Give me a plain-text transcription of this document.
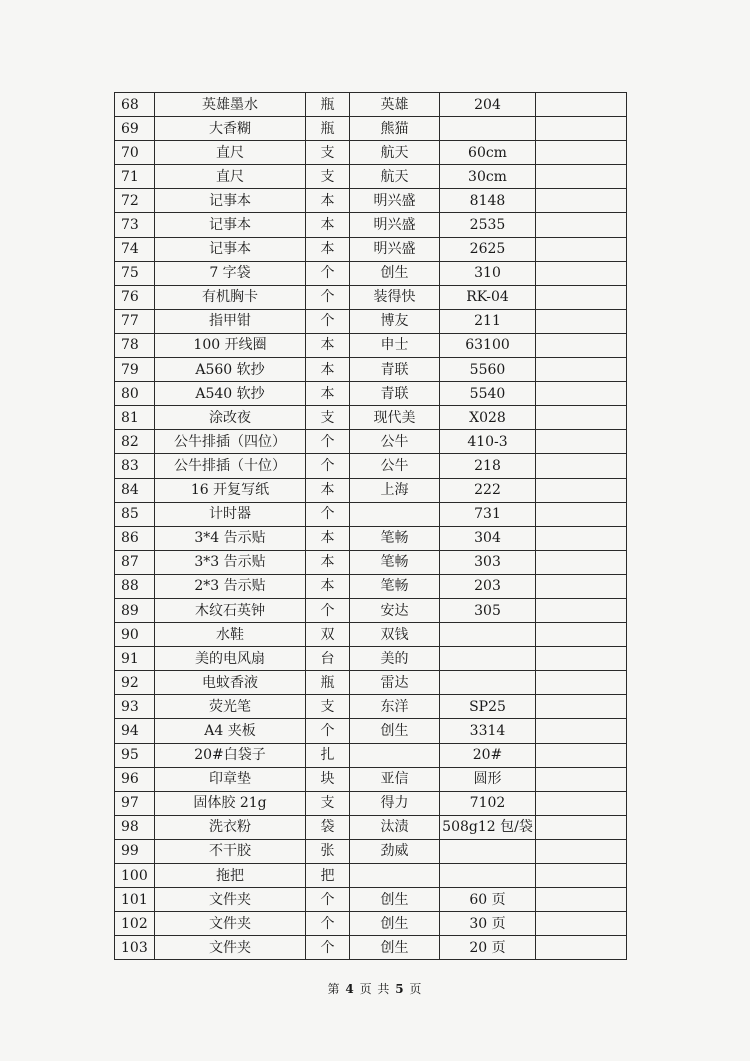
68	英雄墨水	瓶	英雄	204	
69	大香糊	瓶	熊猫		
70	直尺	支	航天	60cm	
71	直尺	支	航天	30cm	
72	记事本	本	明兴盛	8148	
73	记事本	本	明兴盛	2535	
74	记事本	本	明兴盛	2625	
75	7 字袋	个	创生	310	
76	有机胸卡	个	装得快	RK-04	
77	指甲钳	个	博友	211	
78	100 开线圈	本	申士	63100	
79	A560 软抄	本	青联	5560	
80	A540 软抄	本	青联	5540	
81	涂改夜	支	现代美	X028	
82	公牛排插（四位）	个	公牛	410-3	
83	公牛排插（十位）	个	公牛	218	
84	16 开复写纸	本	上海	222	
85	计时器	个		731	
86	3*4 告示贴	本	笔畅	304	
87	3*3 告示贴	本	笔畅	303	
88	2*3 告示贴	本	笔畅	203	
89	木纹石英钟	个	安达	305	
90	水鞋	双	双钱		
91	美的电风扇	台	美的		
92	电蚊香液	瓶	雷达		
93	荧光笔	支	东洋	SP25	
94	A4 夹板	个	创生	3314	
95	20#白袋子	扎		20#	
96	印章垫	块	亚信	圆形	
97	固体胶 21g	支	得力	7102	
98	洗衣粉	袋	汰渍	508g12 包/袋	
99	不干胶	张	劲威		
100	拖把	把			
101	文件夹	个	创生	60 页	
102	文件夹	个	创生	30 页	
103	文件夹	个	创生	20 页	
第 4 页 共 5 页
